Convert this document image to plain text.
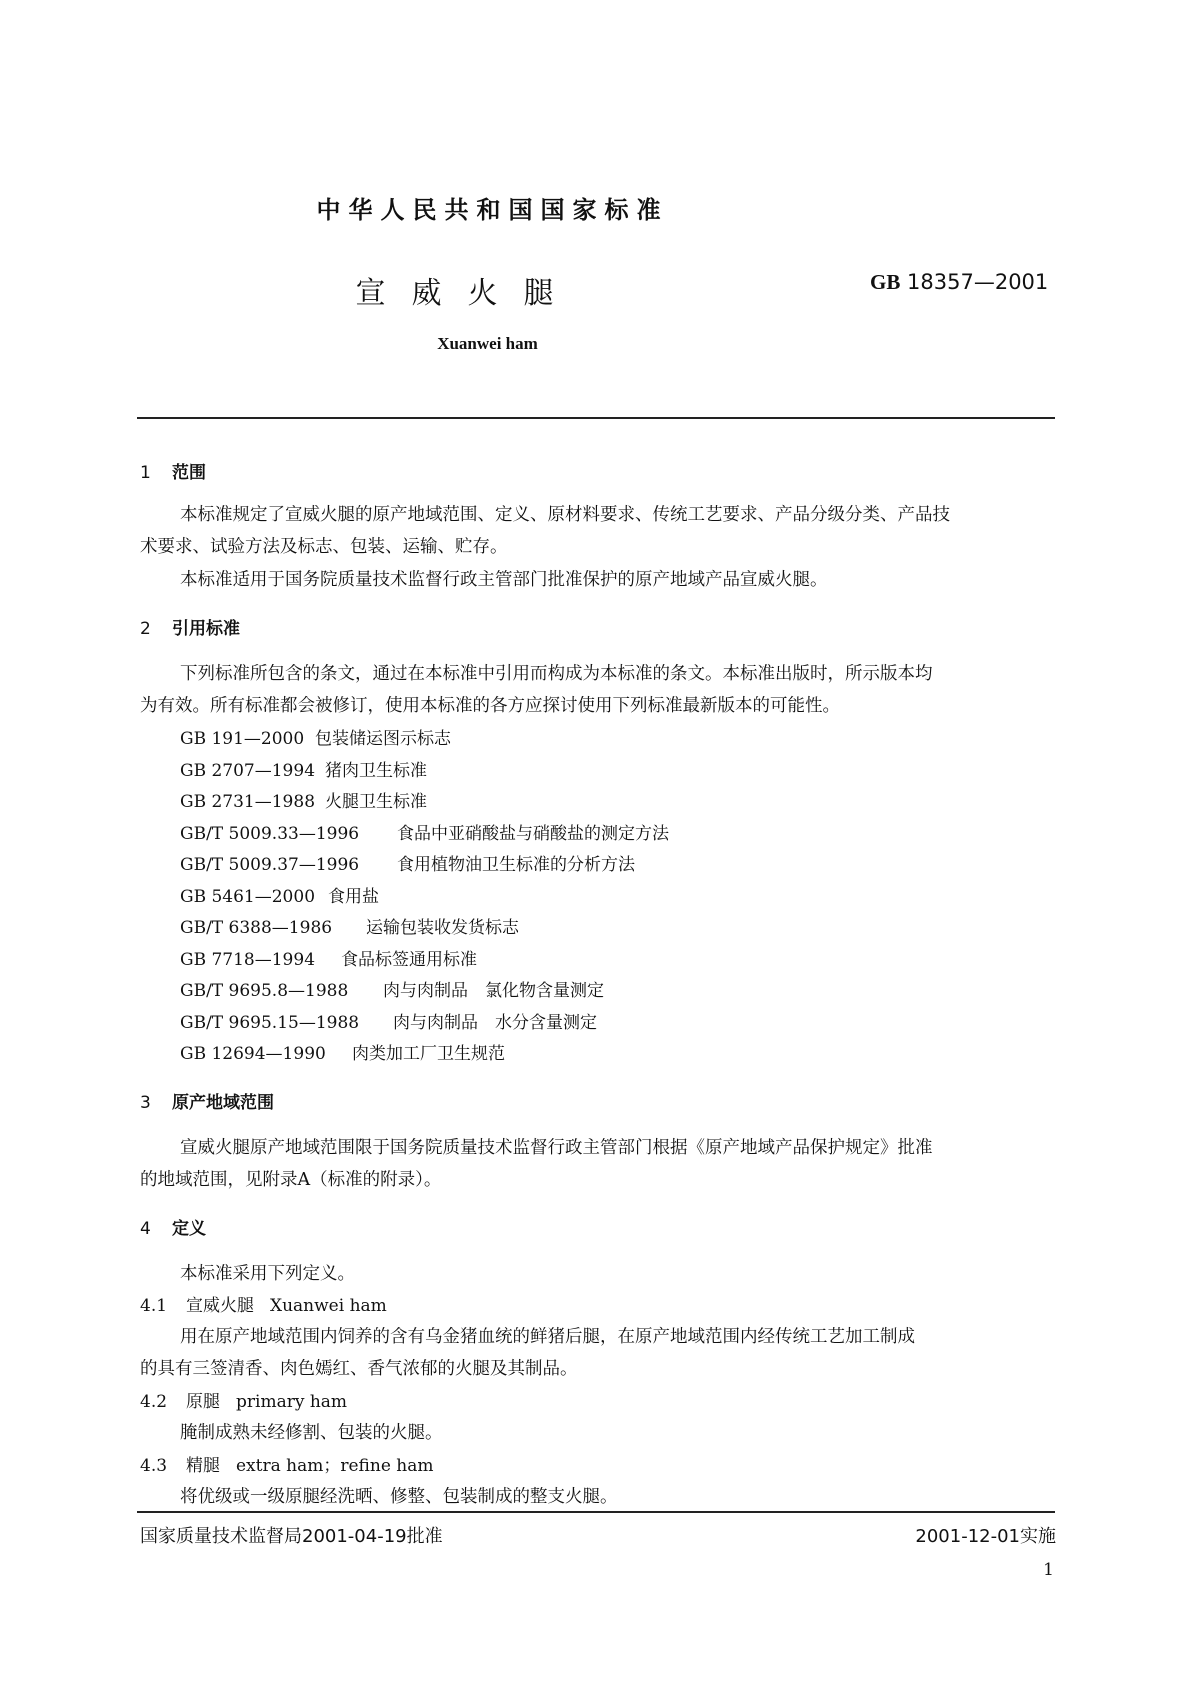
中华人民共和国国家标准
宣威火腿	GB 18357—2001
Xuanwei ham
1 范围
本标准规定了宣威火腿的原产地域范围、定义、原材料要求、传统工艺要求、产品分级分类、产品技
术要求、试验方法及标志、包装、运输、贮存。
本标准适用于国务院质量技术监督行政主管部门批准保护的原产地域产品宣威火腿。
2 引用标准
下列标准所包含的条文，通过在本标准中引用而构成为本标准的条文。本标准出版时，所示版本均
为有效。所有标准都会被修订，使用本标准的各方应探讨使用下列标准最新版本的可能性。
GB 191—2000 包装储运图示标志
GB 2707—1994 猪肉卫生标准
GB 2731—1988 火腿卫生标准
GB/T 5009.33—1996 食品中亚硝酸盐与硝酸盐的测定方法
GB/T 5009.37—1996 食用植物油卫生标准的分析方法
GB 5461—2000 食用盐
GB/T 6388—1986 运输包装收发货标志
GB 7718—1994 食品标签通用标准
GB/T 9695.8—1988 肉与肉制品　氯化物含量测定
GB/T 9695.15—1988 肉与肉制品　水分含量测定
GB 12694—1990 肉类加工厂卫生规范
3 原产地域范围
宣威火腿原产地域范围限于国务院质量技术监督行政主管部门根据《原产地域产品保护规定》批准
的地域范围，见附录A（标准的附录）。
4 定义
本标准采用下列定义。
4.1 宣威火腿 Xuanwei ham
用在原产地域范围内饲养的含有乌金猪血统的鲜猪后腿，在原产地域范围内经传统工艺加工制成
的具有三签清香、肉色嫣红、香气浓郁的火腿及其制品。
4.2 原腿 primary ham
腌制成熟未经修割、包装的火腿。
4.3 精腿 extra ham；refine ham
将优级或一级原腿经洗晒、修整、包装制成的整支火腿。
国家质量技术监督局2001-04-19批准	2001-12-01实施
1
